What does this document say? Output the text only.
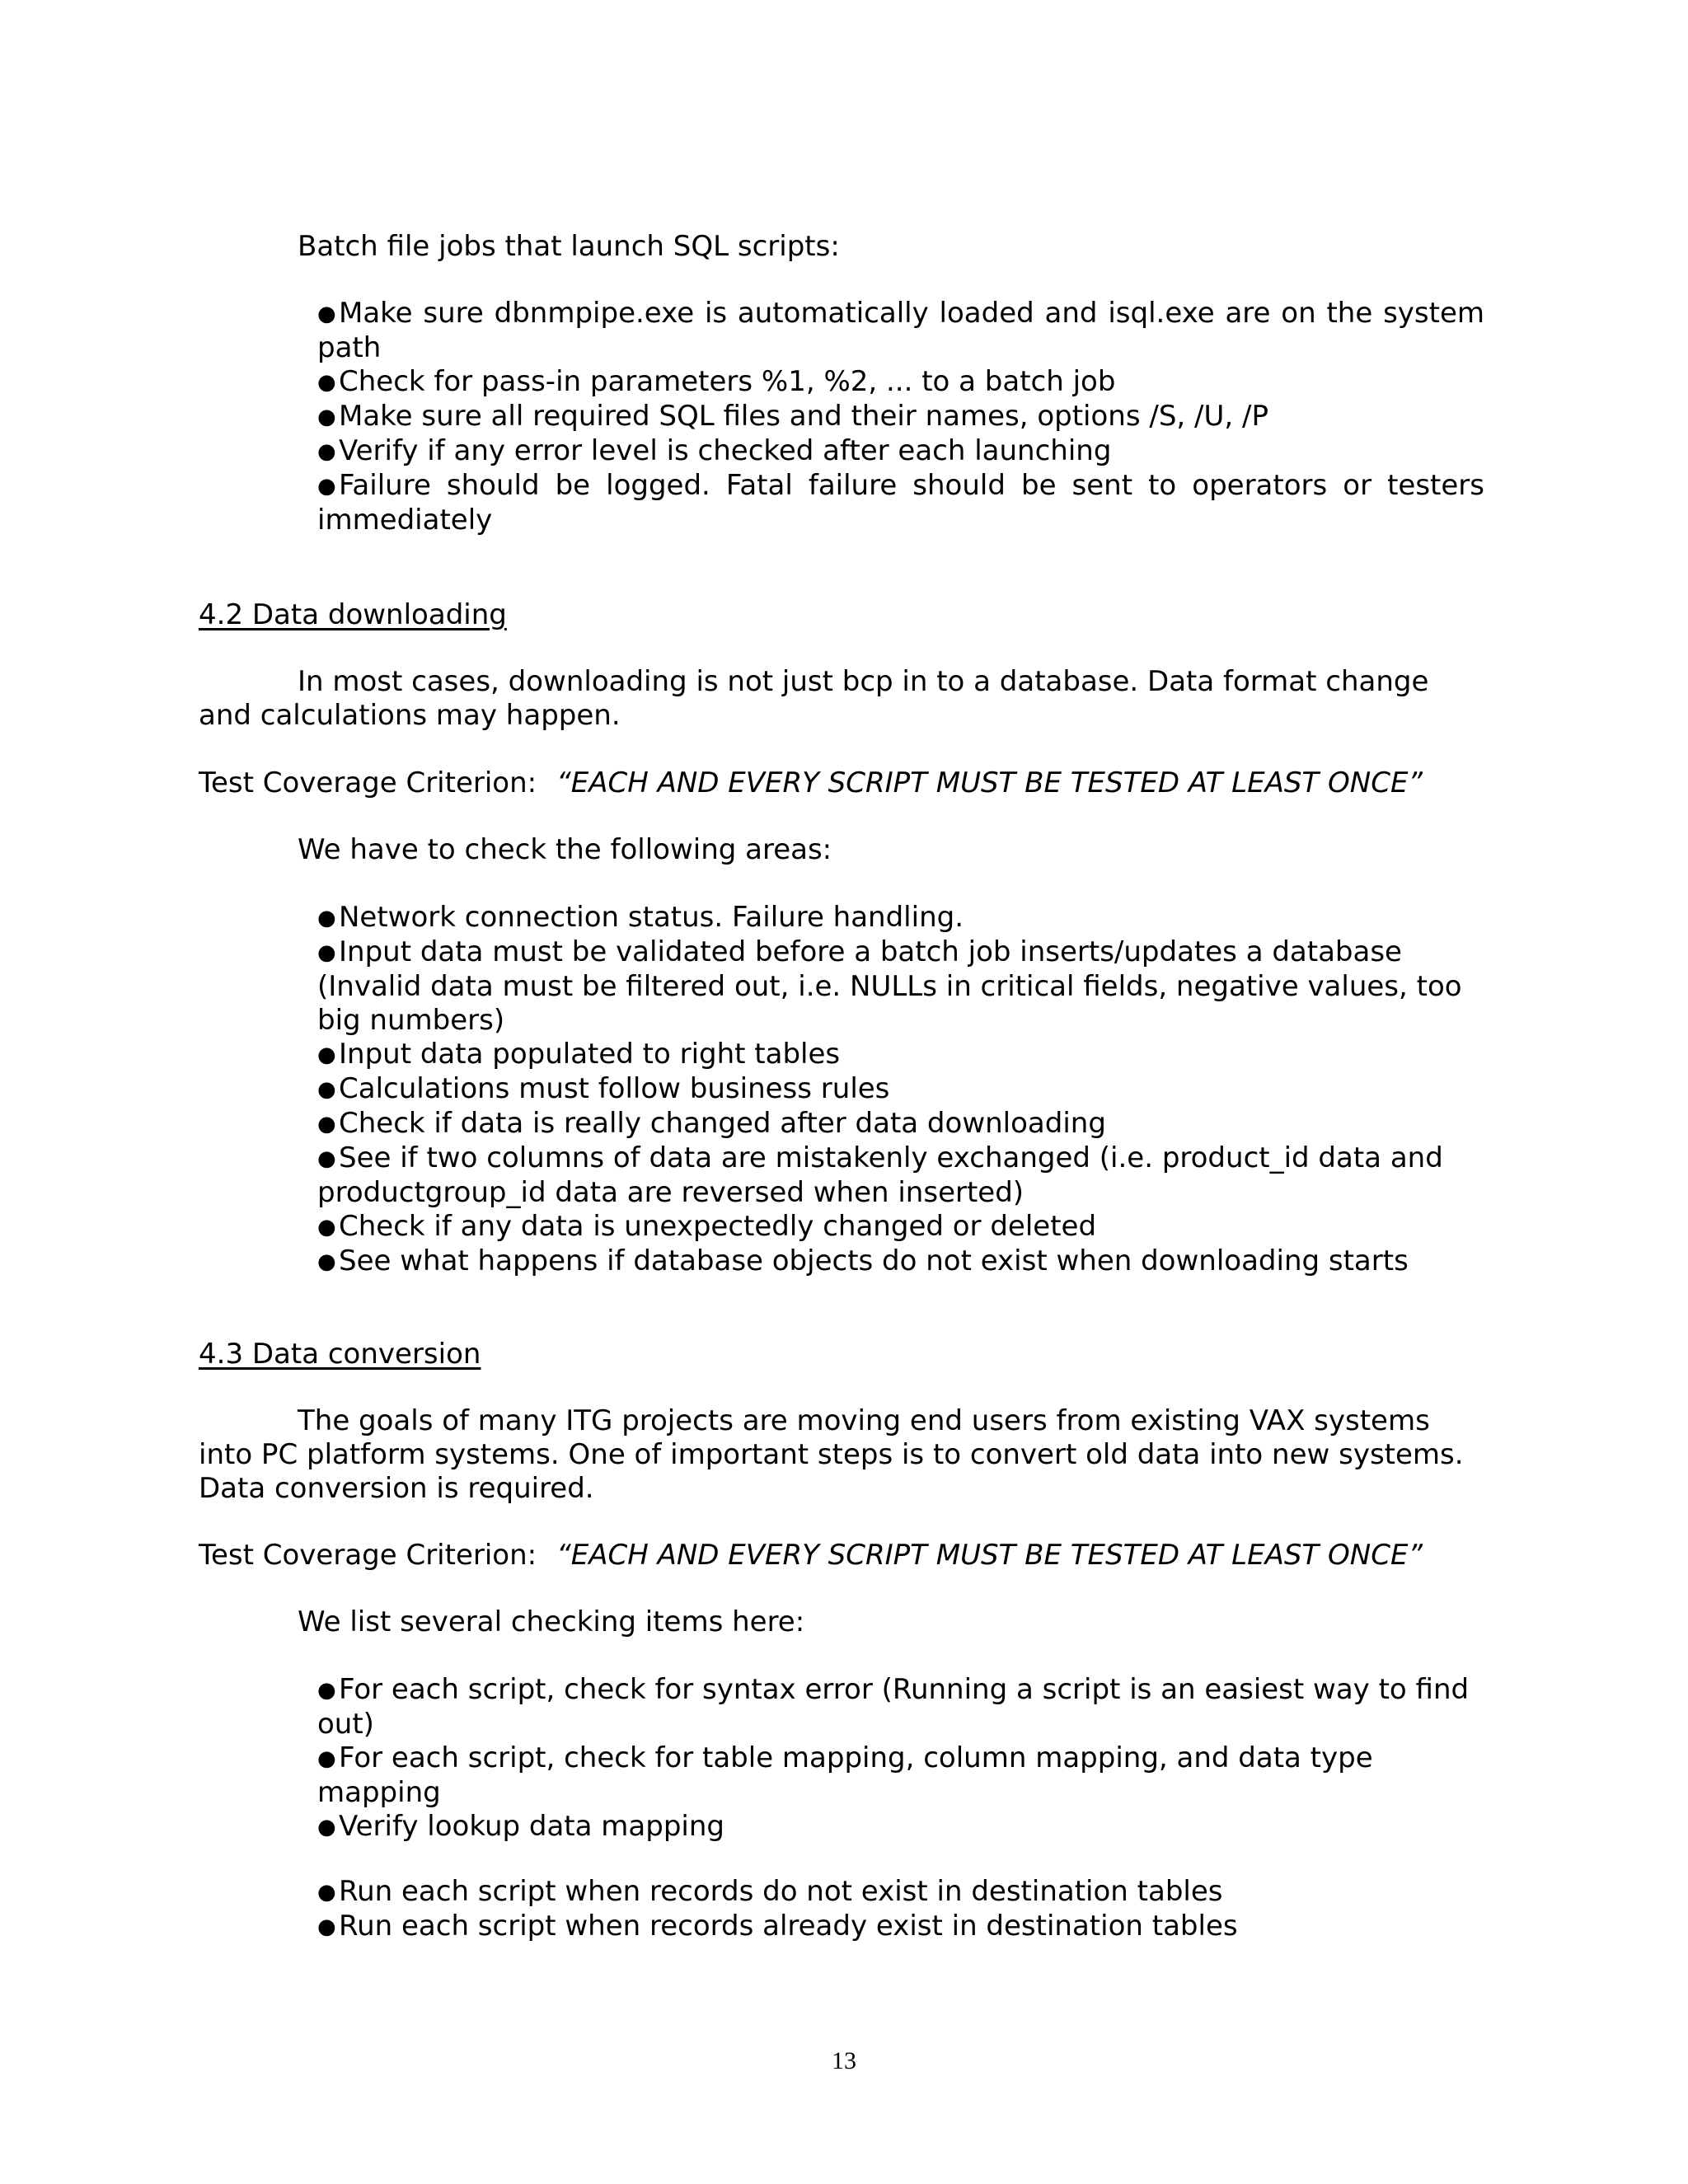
Batch file jobs that launch SQL scripts:

●Make sure dbnmpipe.exe is automatically loaded and isql.exe are on the system path
●Check for pass-in parameters %1, %2, ... to a batch job
●Make sure all required SQL files and their names, options /S, /U, /P
●Verify if any error level is checked after each launching
●Failure should be logged. Fatal failure should be sent to operators or testers immediately

4.2 Data downloading

In most cases, downloading is not just bcp in to a database. Data format change and calculations may happen.

Test Coverage Criterion: “EACH AND EVERY SCRIPT MUST BE TESTED AT LEAST ONCE”

We have to check the following areas:

●Network connection status. Failure handling.
●Input data must be validated before a batch job inserts/updates a database (Invalid data must be filtered out, i.e. NULLs in critical fields, negative values, too big numbers)
●Input data populated to right tables
●Calculations must follow business rules
●Check if data is really changed after data downloading
●See if two columns of data are mistakenly exchanged (i.e. product_id data and productgroup_id data are reversed when inserted)
●Check if any data is unexpectedly changed or deleted
●See what happens if database objects do not exist when downloading starts

4.3 Data conversion

The goals of many ITG projects are moving end users from existing VAX systems into PC platform systems. One of important steps is to convert old data into new systems. Data conversion is required.

Test Coverage Criterion: “EACH AND EVERY SCRIPT MUST BE TESTED AT LEAST ONCE”

We list several checking items here:

●For each script, check for syntax error (Running a script is an easiest way to find out)
●For each script, check for table mapping, column mapping, and data type mapping
●Verify lookup data mapping
●Run each script when records do not exist in destination tables
●Run each script when records already exist in destination tables
13
